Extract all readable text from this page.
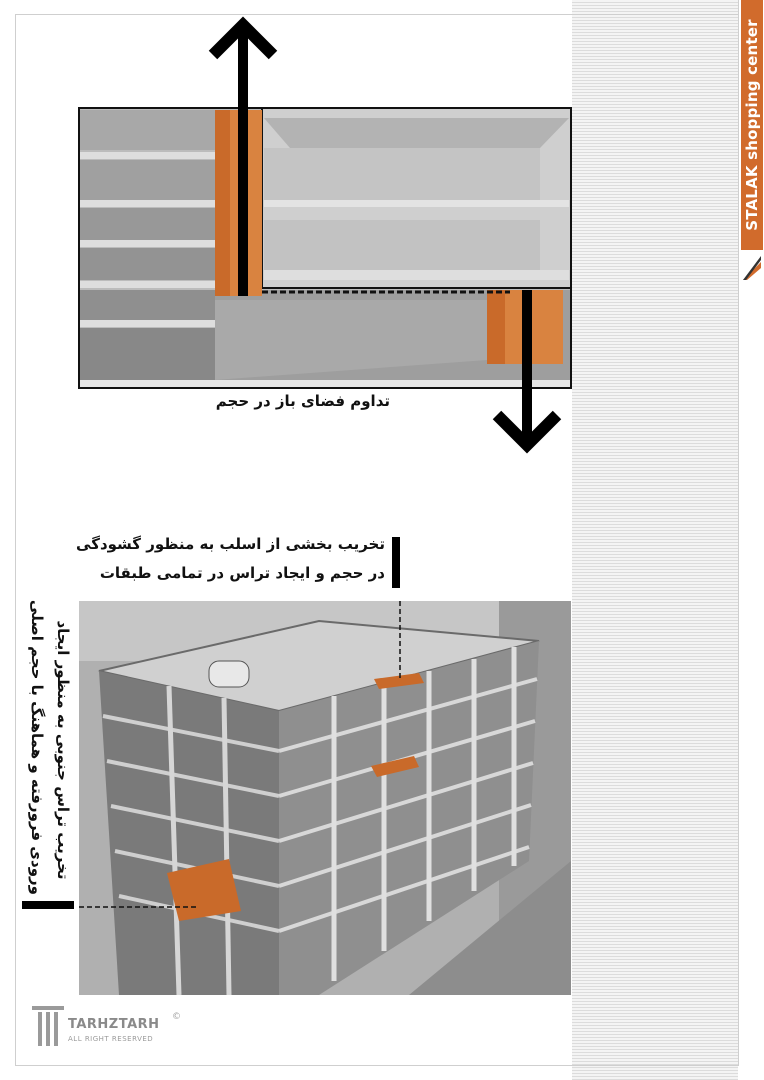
STALAK shopping center
تداوم فضای باز در حجم
تخریب بخشی از اسلب به منظور گشودگی
در حجم و ایجاد تراس در تمامی طبقات
تخریب تراس جنوبی به منظور ایجاد
ورودی فرورفته و هماهنگ با حجم اصلی
TARHZTARH
ALL RIGHT RESERVED
©
